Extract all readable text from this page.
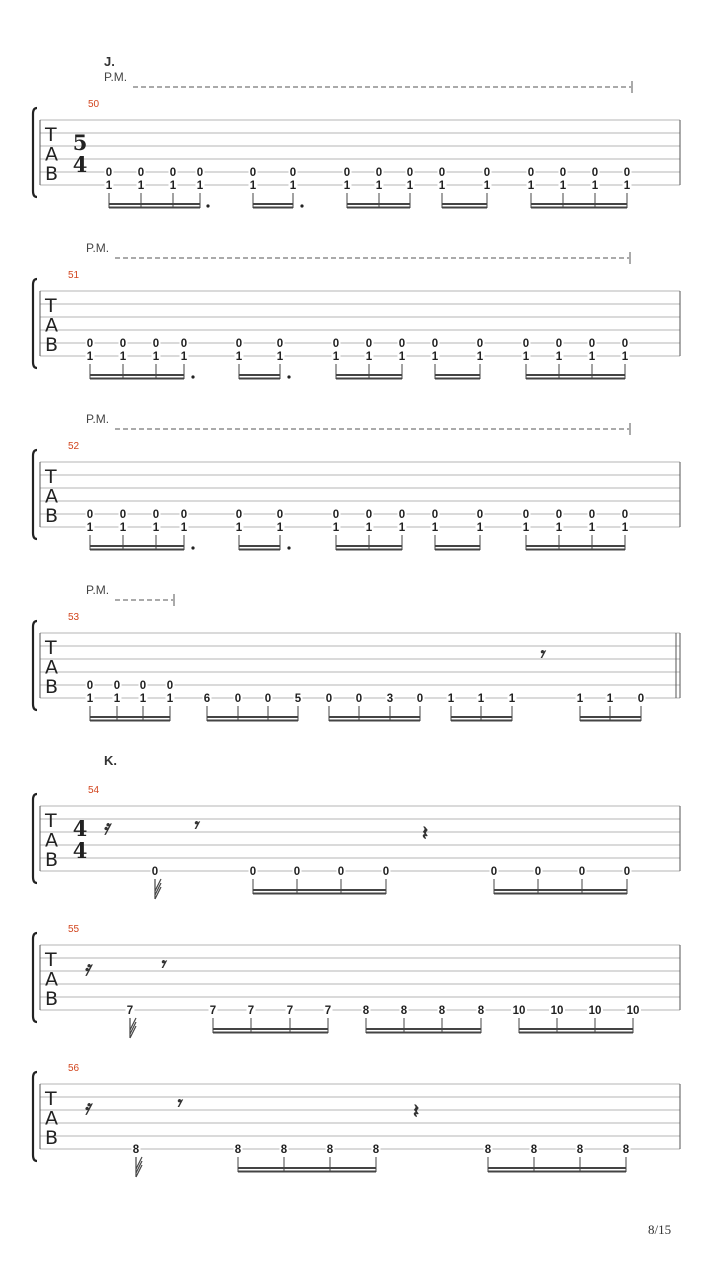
T
A
B
50
J.
P.M.
5
4 0 0 0 0	0	0	0 0 0 0	0	0 0 0 0
1 1 1 1	1	1	1 1 1 1	1	1 1 1 1
T
A
B
51
P.M.
0 0 0 0	0	0	0 0 0 0	0	0 0 0 0
1 1 1 1	1	1	1 1 1 1	1	1 1 1 1
T
A
B
52
P.M.
0 0 0 0	0	0	0 0 0 0	0	0 0 0 0
1 1 1 1	1	1	1 1 1 1	1	1 1 1 1
T
A
B
53
P.M.
𝄾
0 0 0 0
1 1 1 1	6 0 0 5 0 0 3 0 1 1 1	1 1 0
T
A
B
54
K.
4
4
𝄿	𝄾	𝄽
0	0	0	0	0	0	0	0	0
T
A
B
55
𝄿	𝄾
7	7	7	7	7	8	8	8	8 10 10 10 10
T
A
B
56
𝄿	𝄾	𝄽
8	8	8	8	8	8	8	8	8
8/15
